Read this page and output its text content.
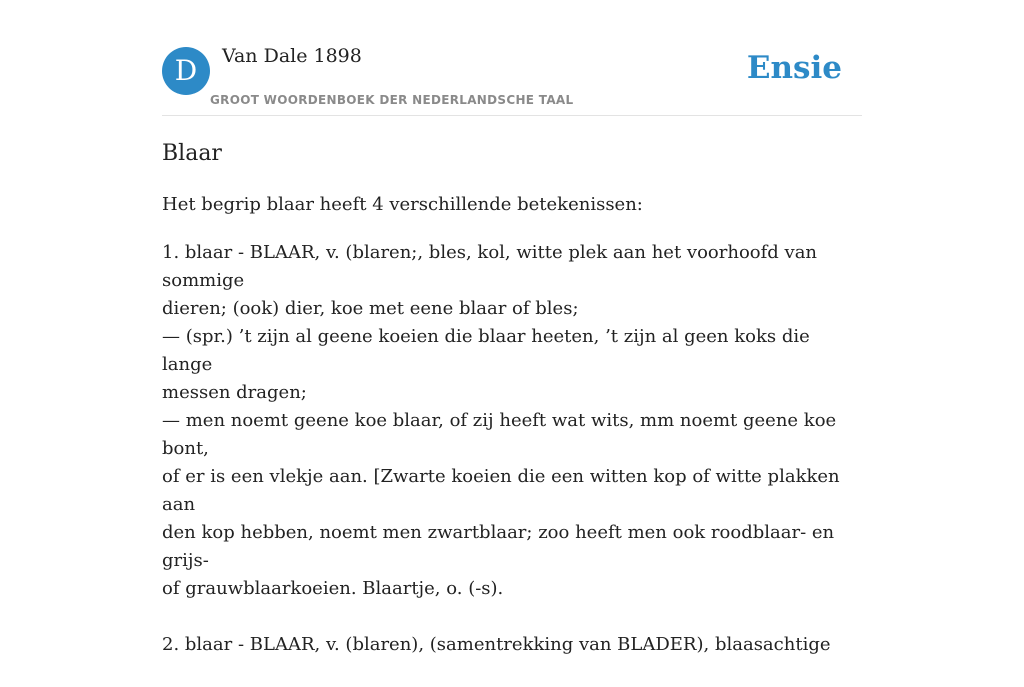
D	Van Dale 1898
GROOT WOORDENBOEK DER NEDERLANDSCHE TAAL
Ensie
Blaar

Het begrip blaar heeft 4 verschillende betekenissen:

1. blaar - BLAAR, v. (blaren;, bles, kol, witte plek aan het voorhoofd van sommige
dieren; (ook) dier, koe met eene blaar of bles;
— (spr.) ’t zijn al geene koeien die blaar heeten, ’t zijn al geen koks die lange
messen dragen;
— men noemt geene koe blaar, of zij heeft wat wits, mm noemt geene koe bont,
of er is een vlekje aan. [Zwarte koeien die een witten kop of witte plakken aan
den kop hebben, noemt men zwartblaar; zoo heeft men ook roodblaar- en grijs-
of grauwblaarkoeien. Blaartje, o. (-s).
2. blaar - BLAAR, v. (blaren), (samentrekking van BLADER), blaasachtige
